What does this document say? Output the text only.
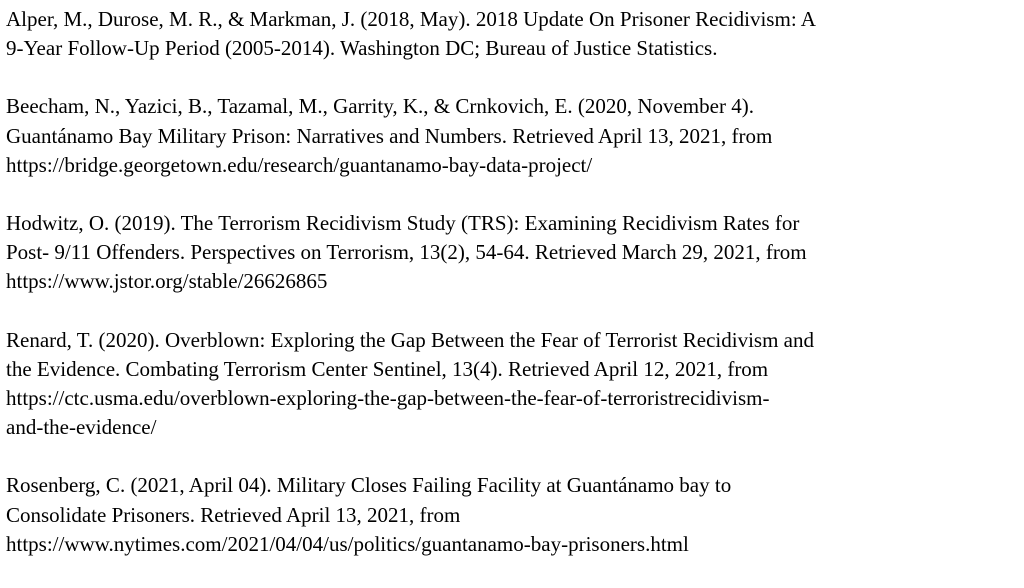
Alper, M., Durose, M. R., & Markman, J. (2018, May). 2018 Update On Prisoner Recidivism: A
9-Year Follow-Up Period (2005-2014). Washington DC; Bureau of Justice Statistics.
Beecham, N., Yazici, B., Tazamal, M., Garrity, K., & Crnkovich, E. (2020, November 4).
Guantánamo Bay Military Prison: Narratives and Numbers. Retrieved April 13, 2021, from
https://bridge.georgetown.edu/research/guantanamo-bay-data-project/
Hodwitz, O. (2019). The Terrorism Recidivism Study (TRS): Examining Recidivism Rates for
Post- 9/11 Offenders. Perspectives on Terrorism, 13(2), 54-64. Retrieved March 29, 2021, from
https://www.jstor.org/stable/26626865
Renard, T. (2020). Overblown: Exploring the Gap Between the Fear of Terrorist Recidivism and
the Evidence. Combating Terrorism Center Sentinel, 13(4). Retrieved April 12, 2021, from
https://ctc.usma.edu/overblown-exploring-the-gap-between-the-fear-of-terroristrecidivism-
and-the-evidence/
Rosenberg, C. (2021, April 04). Military Closes Failing Facility at Guantánamo bay to
Consolidate Prisoners. Retrieved April 13, 2021, from
https://www.nytimes.com/2021/04/04/us/politics/guantanamo-bay-prisoners.html
